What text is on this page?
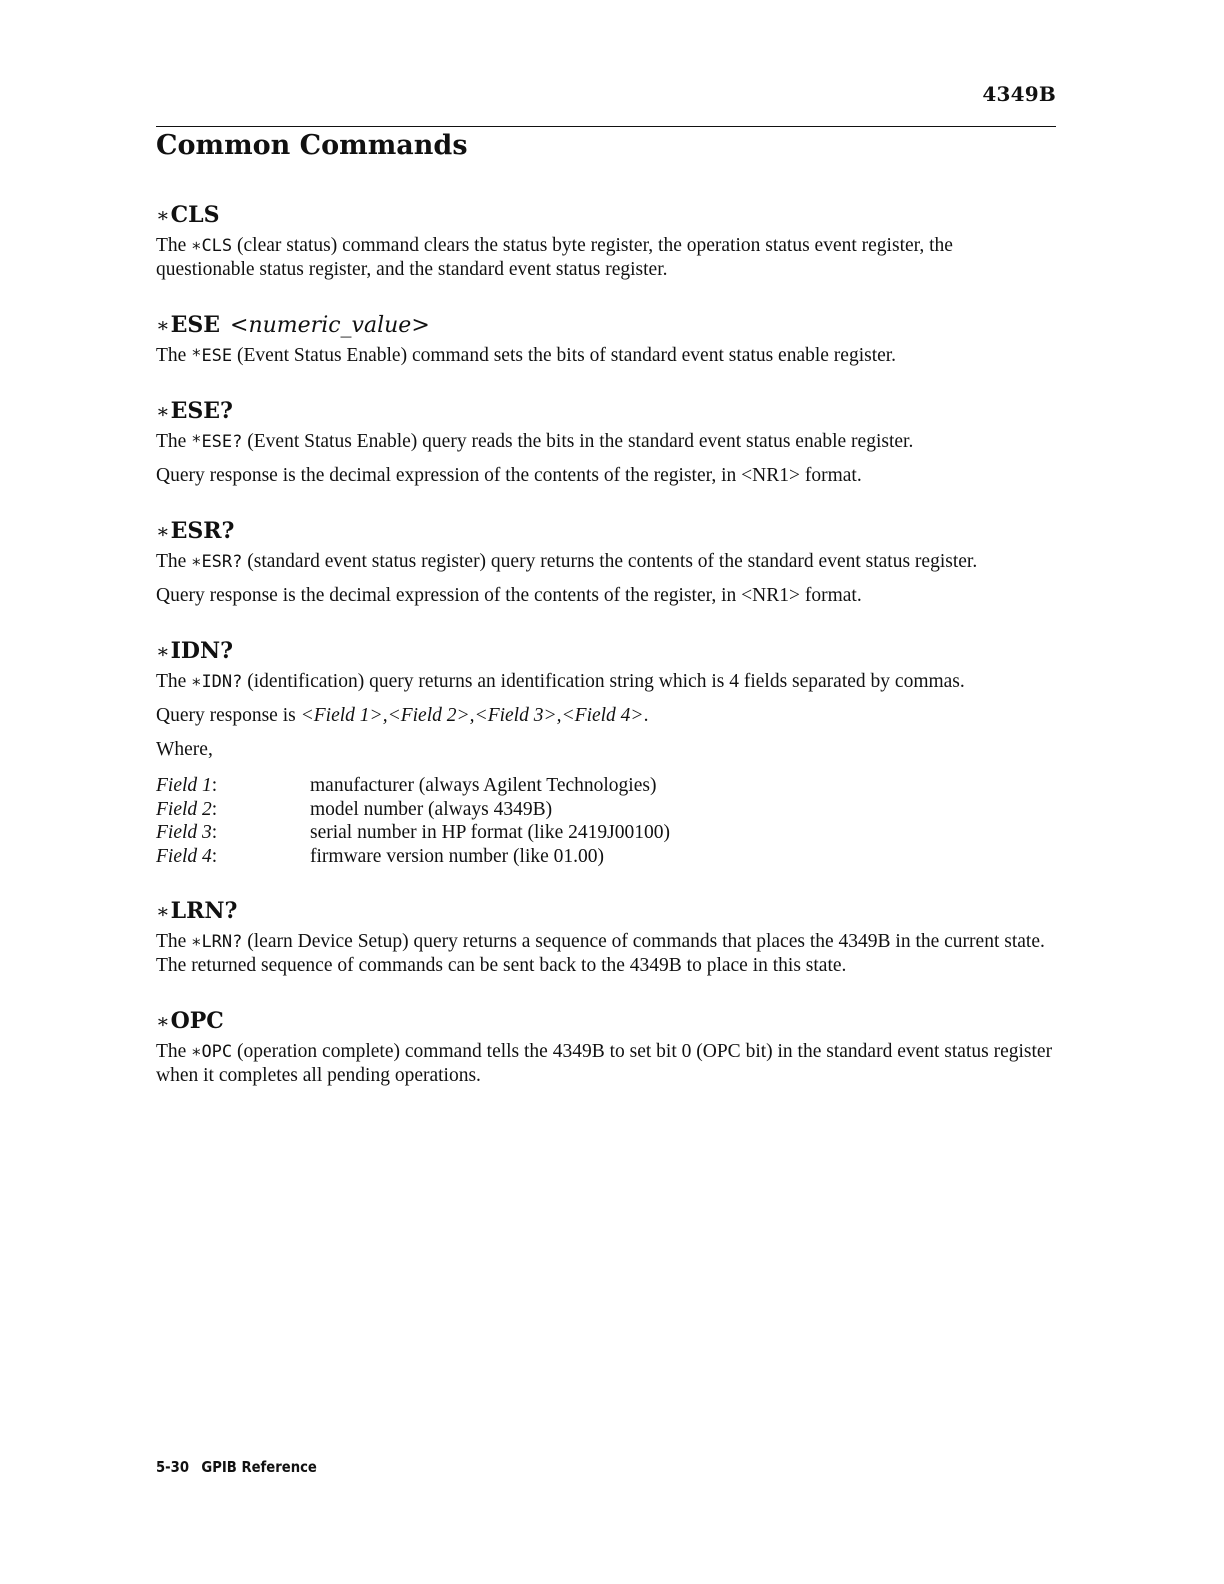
4349B
Common Commands
∗CLS

The ∗CLS (clear status) command clears the status byte register, the operation status event register, the questionable status register, and the standard event status register.

∗ESE <numeric_value>

The *ESE (Event Status Enable) command sets the bits of standard event status enable register.

∗ESE?

The *ESE? (Event Status Enable) query reads the bits in the standard event status enable register.

Query response is the decimal expression of the contents of the register, in <NR1> format.

∗ESR?

The ∗ESR? (standard event status register) query returns the contents of the standard event status register.

Query response is the decimal expression of the contents of the register, in <NR1> format.

∗IDN?

The ∗IDN? (identification) query returns an identification string which is 4 fields separated by commas.

Query response is <Field 1>,<Field 2>,<Field 3>,<Field 4>.

Where,
Field 1:	manufacturer (always Agilent Technologies)
Field 2:	model number (always 4349B)
Field 3:	serial number in HP format (like 2419J00100)
Field 4:	firmware version number (like 01.00)
∗LRN?

The ∗LRN? (learn Device Setup) query returns a sequence of commands that places the 4349B in the current state. The returned sequence of commands can be sent back to the 4349B to place in this state.

∗OPC

The ∗OPC (operation complete) command tells the 4349B to set bit 0 (OPC bit) in the standard event status register when it completes all pending operations.

5-30 GPIB Reference
